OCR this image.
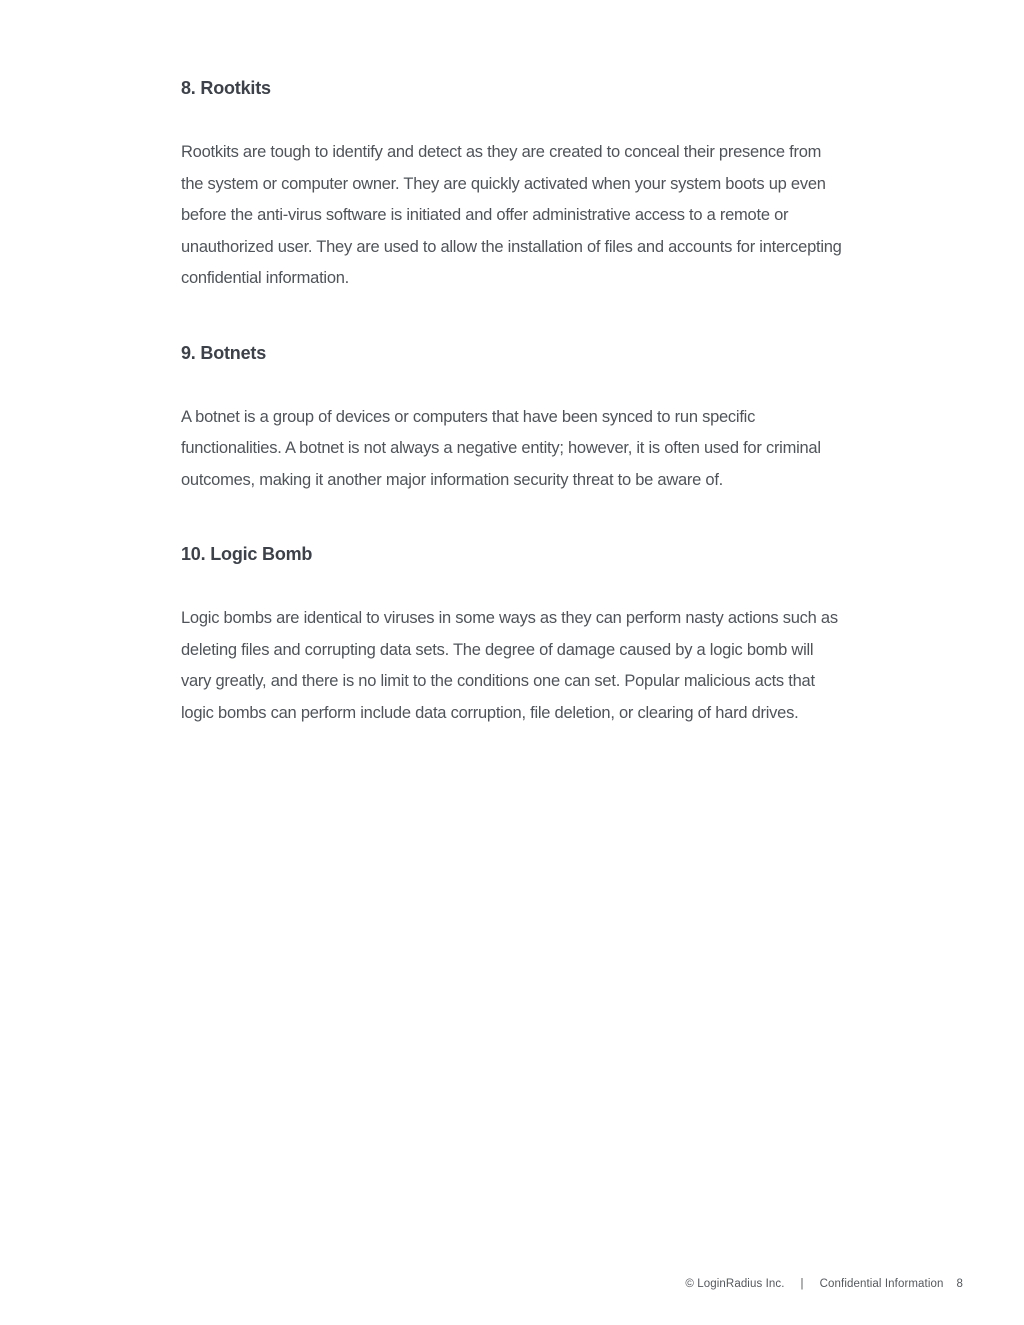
8. Rootkits

Rootkits are tough to identify and detect as they are created to conceal their presence from the system or computer owner. They are quickly activated when your system boots up even before the anti-virus software is initiated and offer administrative access to a remote or unauthorized user. They are used to allow the installation of files and accounts for intercepting confidential information.

9. Botnets

A botnet is a group of devices or computers that have been synced to run specific functionalities. A botnet is not always a negative entity; however, it is often used for criminal outcomes, making it another major information security threat to be aware of.

10. Logic Bomb

Logic bombs are identical to viruses in some ways as they can perform nasty actions such as deleting files and corrupting data sets. The degree of damage caused by a logic bomb will vary greatly, and there is no limit to the conditions one can set. Popular malicious acts that logic bombs can perform include data corruption, file deletion, or clearing of hard drives.

© LoginRadius Inc. | Confidential Information 8
